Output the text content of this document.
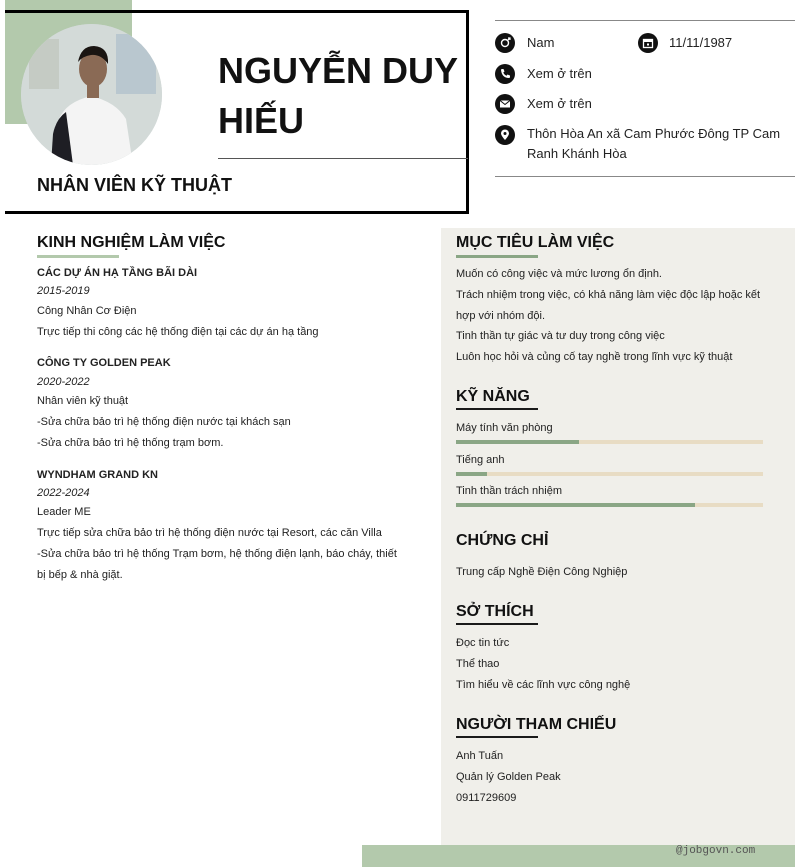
NGUYỄN DUY
HIẾU
NHÂN VIÊN KỸ THUẬT
Nam	11/11/1987
Xem ở trên
Xem ở trên
Thôn Hòa An xã Cam Phước Đông TP Cam
Ranh Khánh Hòa
KINH NGHIỆM LÀM VIỆC
CÁC DỰ ÁN HẠ TẦNG BÃI DÀI
2015-2019
Công Nhân Cơ Điện
Trực tiếp thi công các hệ thống điện tại các dự án hạ tầng
CÔNG TY GOLDEN PEAK
2020-2022
Nhân viên kỹ thuật
-Sửa chữa bảo trì hệ thống điện nước tại khách sạn
-Sửa chữa bảo trì hệ thống trạm bơm.
WYNDHAM GRAND KN
2022-2024
Leader ME
Trực tiếp sửa chữa bảo trì hệ thống điện nước tại Resort, các căn Villa
-Sửa chữa bảo trì hệ thống Trạm bơm, hệ thống điện lạnh, báo cháy, thiết
bị bếp & nhà giặt.
MỤC TIÊU LÀM VIỆC
Muốn có công việc và mức lương ổn định.
Trách nhiệm trong việc, có khả năng làm việc độc lập hoặc kết
hợp với nhóm đội.
Tinh thần tự giác và tư duy trong công việc
Luôn học hỏi và củng cố tay nghề trong lĩnh vực kỹ thuật
KỸ NĂNG
Máy tính văn phòng
Tiếng anh
Tinh thần trách nhiệm
CHỨNG CHỈ
Trung cấp Nghề Điện Công Nghiệp
SỞ THÍCH
Đọc tin tức
Thể thao
Tìm hiểu về các lĩnh vực công nghệ
NGƯỜI THAM CHIẾU
Anh Tuấn
Quản lý Golden Peak
0911729609
@jobgovn.com
